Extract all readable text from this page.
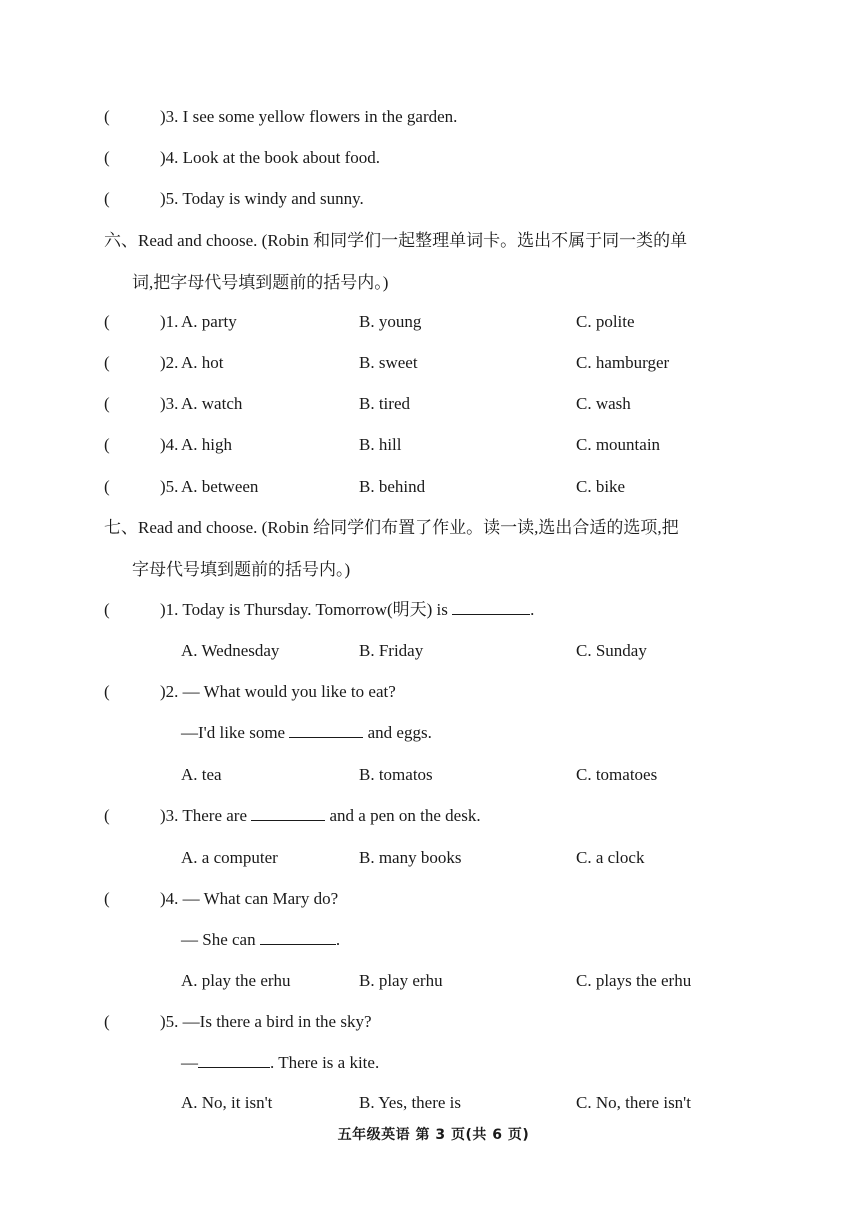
(	)3. I see some yellow flowers in the garden.
(	)4. Look at the book about food.
(	)5. Today is windy and sunny.
六、Read and choose. (Robin 和同学们一起整理单词卡。选出不属于同一类的单
词,把字母代号填到题前的括号内。)
(	)1. A. party	B. young	C. polite
(	)2. A. hot	B. sweet	C. hamburger
(	)3. A. watch	B. tired	C. wash
(	)4. A. high	B. hill	C. mountain
(	)5. A. between	B. behind	C. bike
七、Read and choose. (Robin 给同学们布置了作业。读一读,选出合适的选项,把
字母代号填到题前的括号内。)
(	)1. Today is Thursday. Tomorrow(明天) is	.
A. Wednesday	B. Friday	C. Sunday
(	)2. — What would you like to eat?
—I'd like some	and eggs.
A. tea	B. tomatos	C. tomatoes
(	)3. There are	and a pen on the desk.
A. a computer	B. many books	C. a clock
(	)4. — What can Mary do?
— She can	.
A. play the erhu	B. play erhu	C. plays the erhu
(	)5. —Is there a bird in the sky?
—	. There is a kite.
A. No, it isn't	B. Yes, there is	C. No, there isn't
五年级英语 第 3 页(共 6 页)
